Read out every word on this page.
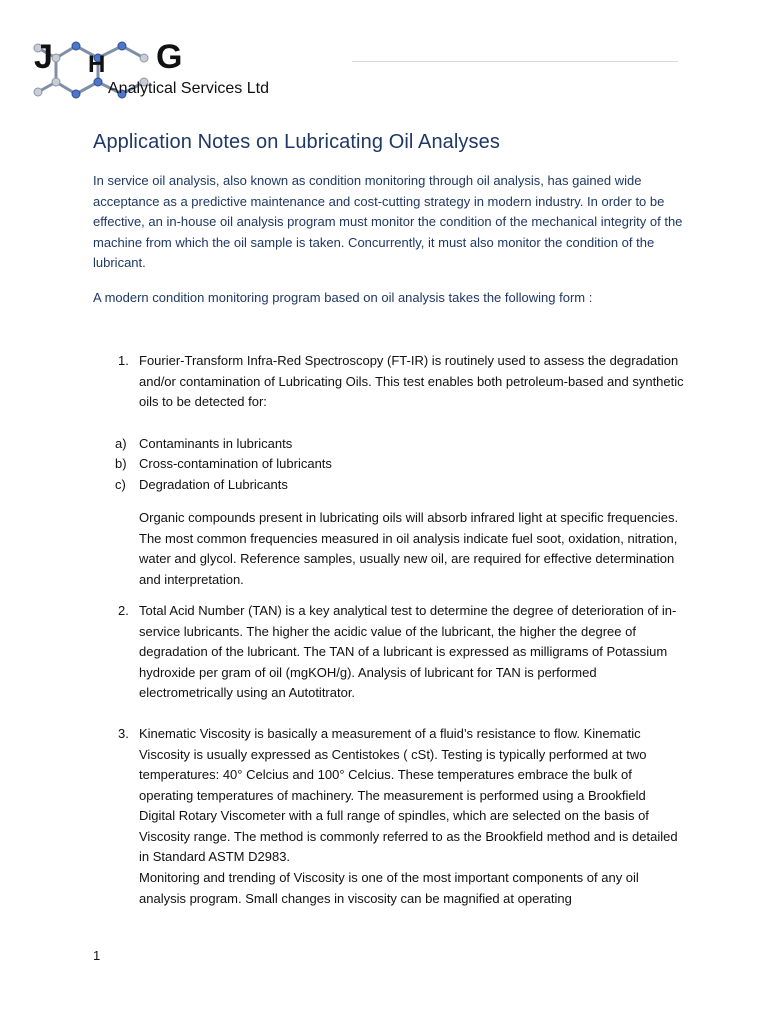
J H G
Analytical Services Ltd
Application Notes on Lubricating Oil Analyses

In service oil analysis, also known as condition monitoring through oil analysis, has gained wide acceptance as a predictive maintenance and cost-cutting strategy in modern industry. In order to be effective, an in-house oil analysis program must monitor the condition of the mechanical integrity of the machine from which the oil sample is taken. Concurrently, it must also monitor the condition of the lubricant.

A modern condition monitoring program based on oil analysis takes the following form :

1. Fourier-Transform Infra-Red Spectroscopy (FT-IR) is routinely used to assess the degradation and/or contamination of Lubricating Oils. This test enables both petroleum-based and synthetic oils to be detected for:

a) Contaminants in lubricants
b) Cross-contamination of lubricants
c)	Degradation of Lubricants

Organic compounds present in lubricating oils will absorb infrared light at specific frequencies. The most common frequencies measured in oil analysis indicate fuel soot, oxidation, nitration, water and glycol. Reference samples, usually new oil, are required for effective determination and interpretation.

2. Total Acid Number (TAN) is a key analytical test to determine the degree of deterioration of in-service lubricants. The higher the acidic value of the lubricant, the higher the degree of degradation of the lubricant. The TAN of a lubricant is expressed as milligrams of Potassium hydroxide per gram of oil (mgKOH/g). Analysis of lubricant for TAN is performed electrometrically using an Autotitrator.

3. Kinematic Viscosity is basically a measurement of a fluid’s resistance to flow. Kinematic Viscosity is usually expressed as Centistokes ( cSt). Testing is typically performed at two temperatures: 40° Celcius and 100° Celcius. These temperatures embrace the bulk of operating temperatures of machinery. The measurement is performed using a Brookfield Digital Rotary Viscometer with a full range of spindles, which are selected on the basis of Viscosity range. The method is commonly referred to as the Brookfield method and is detailed in Standard ASTM D2983.

Monitoring and trending of Viscosity is one of the most important components of any oil analysis program. Small changes in viscosity can be magnified at operating

1
